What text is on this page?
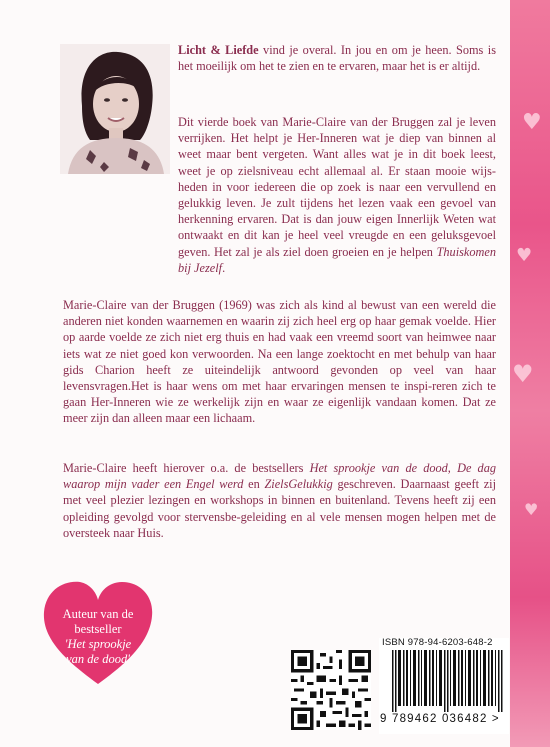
♥
♥
♥
♥

Licht & Liefde vind je overal. In jou en om je heen. Soms is het moeilijk om het te zien en te ervaren, maar het is er altijd.

Dit vierde boek van Marie-Claire van der Bruggen zal je leven verrijken. Het helpt je Her-Inneren wat je diep van binnen al weet maar bent vergeten. Want alles wat je in dit boek leest, weet je op zielsniveau echt allemaal al. Er staan mooie wijs-heden in voor iedereen die op zoek is naar een vervullend en gelukkig leven. Je zult tijdens het lezen vaak een gevoel van herkenning ervaren. Dat is dan jouw eigen Innerlijk Weten wat ontwaakt en dit kan je heel veel vreugde en een geluksgevoel geven. Het zal je als ziel doen groeien en je helpen Thuiskomen bij Jezelf.

Marie-Claire van der Bruggen (1969) was zich als kind al bewust van een wereld die anderen niet konden waarnemen en waarin zij zich heel erg op haar gemak voelde. Hier op aarde voelde ze zich niet erg thuis en had vaak een vreemd soort van heimwee naar iets wat ze niet goed kon verwoorden. Na een lange zoektocht en met behulp van haar gids Charion heeft ze uiteindelijk antwoord gevonden op veel van haar levensvragen.Het is haar wens om met haar ervaringen mensen te inspi-reren zich te gaan Her-Inneren wie ze werkelijk zijn en waar ze eigenlijk vandaan komen. Dat ze meer zijn dan alleen maar een lichaam.

Marie-Claire heeft hierover o.a. de bestsellers Het sprookje van de dood, De dag waarop mijn vader een Engel werd en ZielsGelukkig geschreven. Daarnaast geeft zij met veel plezier lezingen en workshops in binnen en buitenland. Tevens heeft zij een opleiding gevolgd voor stervensbe-geleiding en al vele mensen mogen helpen met de oversteek naar Huis.

Auteur van de
bestseller
'Het sprookje
van de dood'
ISBN 978-94-6203-648-2
9 789462 036482 >
